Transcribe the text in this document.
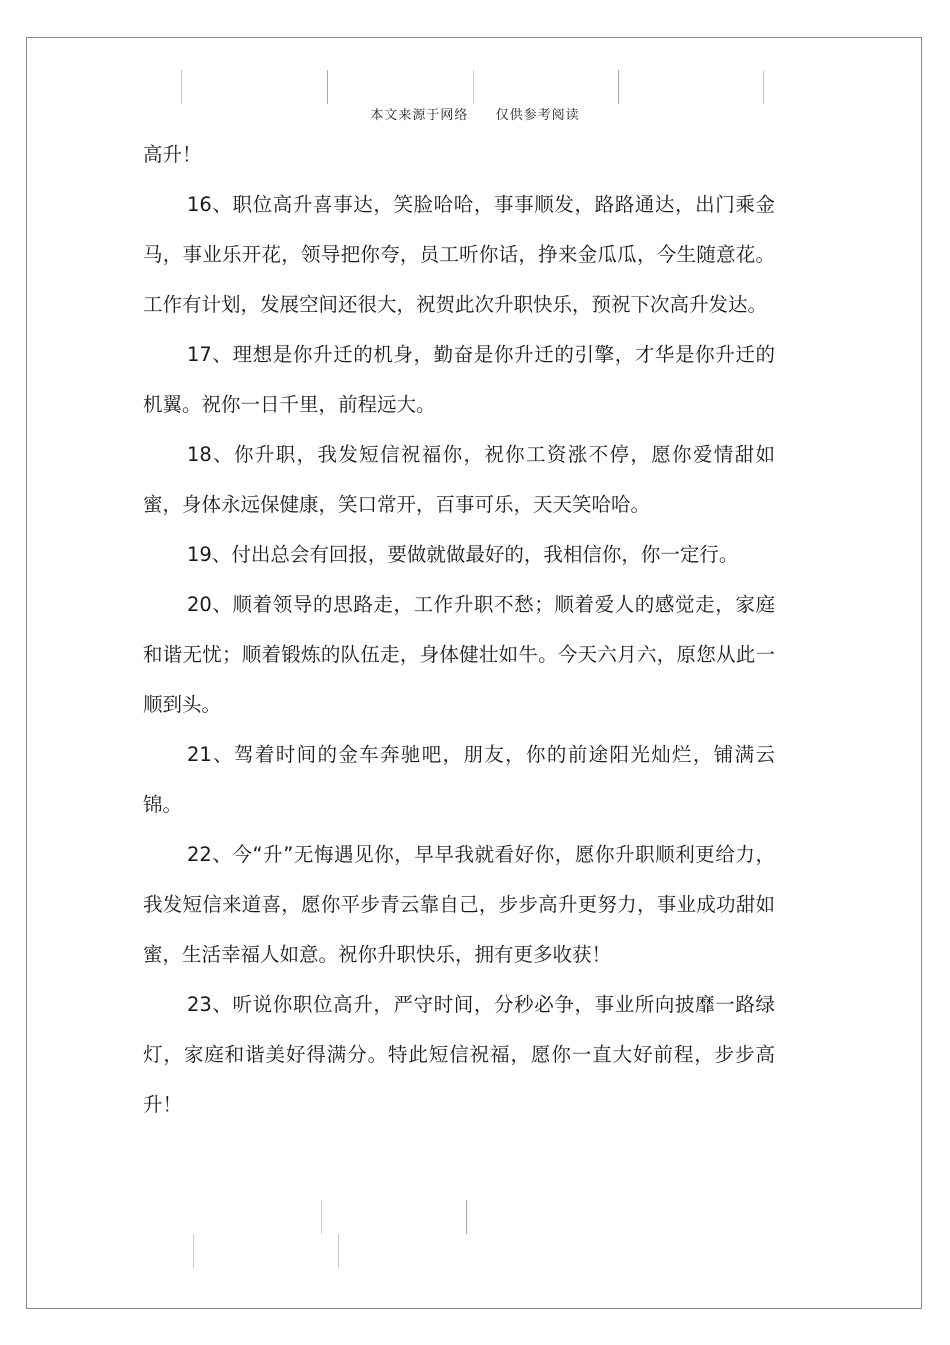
本文来源于网络 仅供参考阅读

高升！

16、职位高升喜事达，笑脸哈哈，事事顺发，路路通达，出门乘金马，事业乐开花，领导把你夸，员工听你话，挣来金瓜瓜，今生随意花。工作有计划，发展空间还很大，祝贺此次升职快乐，预祝下次高升发达。

17、理想是你升迁的机身，勤奋是你升迁的引擎，才华是你升迁的机翼。祝你一日千里，前程远大。

18、你升职，我发短信祝福你，祝你工资涨不停，愿你爱情甜如蜜，身体永远保健康，笑口常开，百事可乐，天天笑哈哈。

19、付出总会有回报，要做就做最好的，我相信你，你一定行。

20、顺着领导的思路走，工作升职不愁；顺着爱人的感觉走，家庭和谐无忧；顺着锻炼的队伍走，身体健壮如牛。今天六月六，原您从此一顺到头。

21、驾着时间的金车奔驰吧，朋友，你的前途阳光灿烂，铺满云锦。

22、今“升”无悔遇见你，早早我就看好你，愿你升职顺利更给力，我发短信来道喜，愿你平步青云靠自己，步步高升更努力，事业成功甜如蜜，生活幸福人如意。祝你升职快乐，拥有更多收获！

23、听说你职位高升，严守时间，分秒必争，事业所向披靡一路绿灯，家庭和谐美好得满分。特此短信祝福，愿你一直大好前程，步步高升！
